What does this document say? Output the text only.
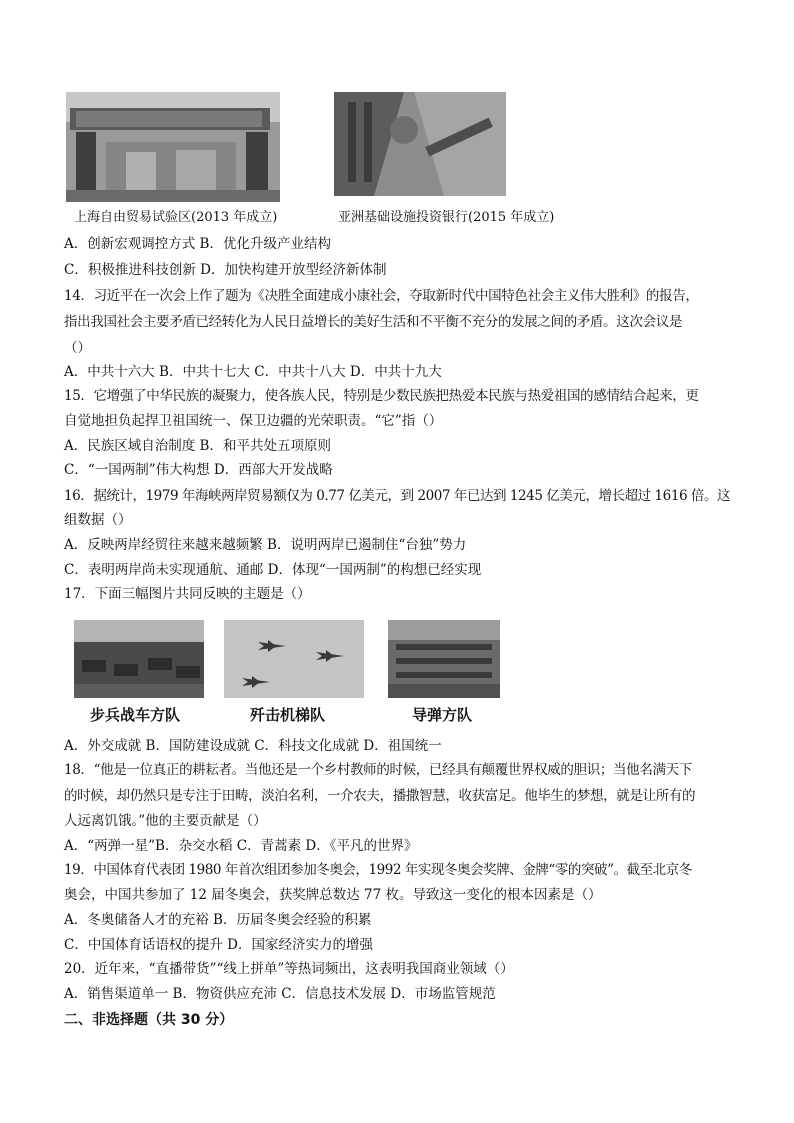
上海自由贸易试验区(2013 年成立)	亚洲基础设施投资银行(2015 年成立)
A．创新宏观调控方式 B．优化升级产业结构
C．积极推进科技创新 D．加快构建开放型经济新体制
14．习近平在一次会上作了题为《决胜全面建成小康社会，夺取新时代中国特色社会主义伟大胜利》的报告，
指出我国社会主要矛盾已经转化为人民日益增长的美好生活和不平衡不充分的发展之间的矛盾。这次会议是
（）
A．中共十六大 B．中共十七大 C．中共十八大 D．中共十九大
15．它增强了中华民族的凝聚力，使各族人民，特别是少数民族把热爱本民族与热爱祖国的感情结合起来，更
自觉地担负起捍卫祖国统一、保卫边疆的光荣职责。“它”指（）
A．民族区域自治制度 B．和平共处五项原则
C．“一国两制”伟大构想 D．西部大开发战略
16．据统计，1979 年海峡两岸贸易额仅为 0.77 亿美元，到 2007 年已达到 1245 亿美元，增长超过 1616 倍。这
组数据（）
A．反映两岸经贸往来越来越频繁 B．说明两岸已遏制住“台独”势力
C．表明两岸尚未实现通航、通邮 D．体现“一国两制”的构想已经实现
17．下面三幅图片共同反映的主题是（）
步兵战车方队	歼击机梯队	导弹方队
A．外交成就 B．国防建设成就 C．科技文化成就 D．祖国统一
18．“他是一位真正的耕耘者。当他还是一个乡村教师的时候，已经具有颠覆世界权威的胆识；当他名满天下
的时候，却仍然只是专注于田畴，淡泊名利，一介农夫，播撒智慧，收获富足。他毕生的梦想，就是让所有的
人远离饥饿。”他的主要贡献是（）
A．“两弹一星”B．杂交水稻 C．青蒿素 D．《平凡的世界》
19．中国体育代表团 1980 年首次组团参加冬奥会，1992 年实现冬奥会奖牌、金牌“零的突破”。截至北京冬
奥会，中国共参加了 12 届冬奥会，获奖牌总数达 77 枚。导致这一变化的根本因素是（）
A．冬奥储备人才的充裕 B．历届冬奥会经验的积累
C．中国体育话语权的提升 D．国家经济实力的增强
20．近年来，“直播带货”“线上拼单”等热词频出，这表明我国商业领域（）
A．销售渠道单一 B．物资供应充沛 C．信息技术发展 D．市场监管规范
二、非选择题（共 30 分）
